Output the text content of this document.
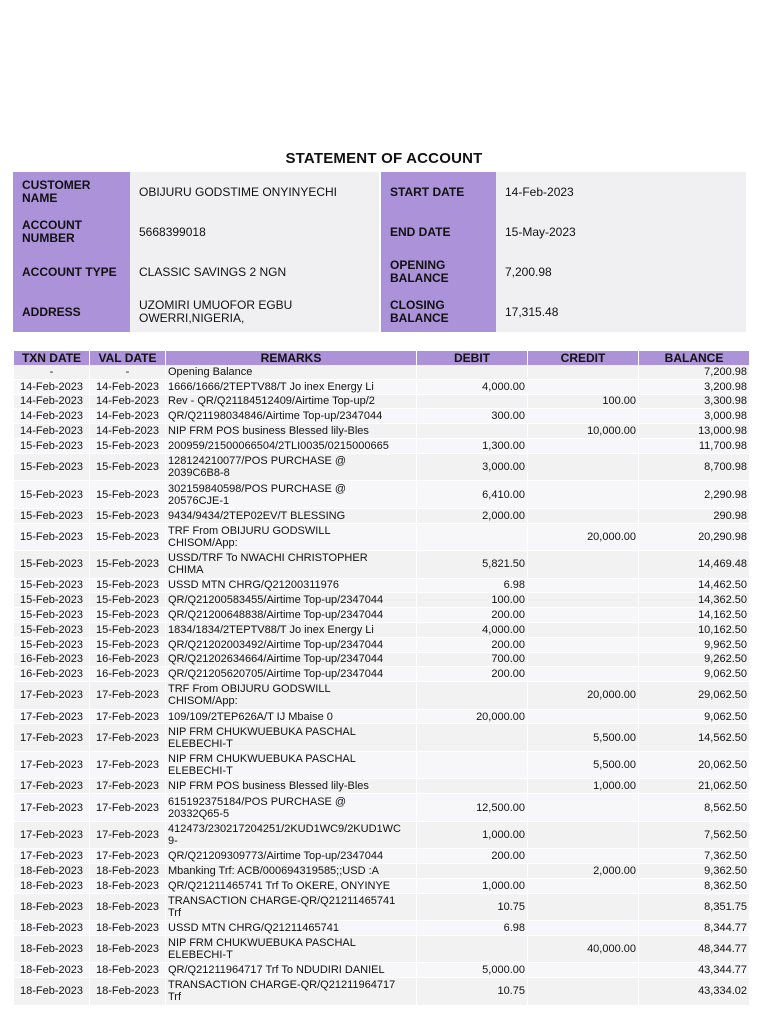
STATEMENT OF ACCOUNT
CUSTOMER NAME	OBIJURU GODSTIME ONYINYECHI		START DATE	14-Feb-2023
ACCOUNT NUMBER	5668399018		END DATE	15-May-2023
ACCOUNT TYPE	CLASSIC SAVINGS 2 NGN		OPENING BALANCE	7,200.98
ADDRESS	UZOMIRI UMUOFOR EGBU OWERRI,NIGERIA,		CLOSING BALANCE	17,315.48
TXN DATE	VAL DATE	REMARKS	DEBIT	CREDIT	BALANCE
-	-	Opening Balance			7,200.98
14-Feb-2023	14-Feb-2023	1666/1666/2TEPTV88/T Jo inex Energy Li	4,000.00		3,200.98
14-Feb-2023	14-Feb-2023	Rev - QR/Q21184512409/Airtime Top-up/2		100.00	3,300.98
14-Feb-2023	14-Feb-2023	QR/Q21198034846/Airtime Top-up/2347044	300.00		3,000.98
14-Feb-2023	14-Feb-2023	NIP FRM POS business Blessed lily-Bles		10,000.00	13,000.98
15-Feb-2023	15-Feb-2023	200959/21500066504/2TLI0035/0215000665	1,300.00		11,700.98
15-Feb-2023	15-Feb-2023	128124210077/POS PURCHASE @
2039C6B8-8	3,000.00		8,700.98
15-Feb-2023	15-Feb-2023	302159840598/POS PURCHASE @
20576CJE-1	6,410.00		2,290.98
15-Feb-2023	15-Feb-2023	9434/9434/2TEP02EV/T BLESSING	2,000.00		290.98
15-Feb-2023	15-Feb-2023	TRF From OBIJURU GODSWILL
CHISOM/App:		20,000.00	20,290.98
15-Feb-2023	15-Feb-2023	USSD/TRF To NWACHI CHRISTOPHER
CHIMA	5,821.50		14,469.48
15-Feb-2023	15-Feb-2023	USSD MTN CHRG/Q21200311976	6.98		14,462.50
15-Feb-2023	15-Feb-2023	QR/Q21200583455/Airtime Top-up/2347044	100.00		14,362.50
15-Feb-2023	15-Feb-2023	QR/Q21200648838/Airtime Top-up/2347044	200.00		14,162.50
15-Feb-2023	15-Feb-2023	1834/1834/2TEPTV88/T Jo inex Energy Li	4,000.00		10,162.50
15-Feb-2023	15-Feb-2023	QR/Q21202003492/Airtime Top-up/2347044	200.00		9,962.50
16-Feb-2023	16-Feb-2023	QR/Q21202634664/Airtime Top-up/2347044	700.00		9,262.50
16-Feb-2023	16-Feb-2023	QR/Q21205620705/Airtime Top-up/2347044	200.00		9,062.50
17-Feb-2023	17-Feb-2023	TRF From OBIJURU GODSWILL
CHISOM/App:		20,000.00	29,062.50
17-Feb-2023	17-Feb-2023	109/109/2TEP626A/T IJ Mbaise 0	20,000.00		9,062.50
17-Feb-2023	17-Feb-2023	NIP FRM CHUKWUEBUKA PASCHAL
ELEBECHI-T		5,500.00	14,562.50
17-Feb-2023	17-Feb-2023	NIP FRM CHUKWUEBUKA PASCHAL
ELEBECHI-T		5,500.00	20,062.50
17-Feb-2023	17-Feb-2023	NIP FRM POS business Blessed lily-Bles		1,000.00	21,062.50
17-Feb-2023	17-Feb-2023	615192375184/POS PURCHASE @
20332Q65-5	12,500.00		8,562.50
17-Feb-2023	17-Feb-2023	412473/230217204251/2KUD1WC9/2KUD1WC
9-	1,000.00		7,562.50
17-Feb-2023	17-Feb-2023	QR/Q21209309773/Airtime Top-up/2347044	200.00		7,362.50
18-Feb-2023	18-Feb-2023	Mbanking Trf: ACB/000694319585;;USD :A		2,000.00	9,362.50
18-Feb-2023	18-Feb-2023	QR/Q21211465741 Trf To OKERE, ONYINYE	1,000.00		8,362.50
18-Feb-2023	18-Feb-2023	TRANSACTION CHARGE-QR/Q21211465741
Trf	10.75		8,351.75
18-Feb-2023	18-Feb-2023	USSD MTN CHRG/Q21211465741	6.98		8,344.77
18-Feb-2023	18-Feb-2023	NIP FRM CHUKWUEBUKA PASCHAL
ELEBECHI-T		40,000.00	48,344.77
18-Feb-2023	18-Feb-2023	QR/Q21211964717 Trf To NDUDIRI DANIEL	5,000.00		43,344.77
18-Feb-2023	18-Feb-2023	TRANSACTION CHARGE-QR/Q21211964717
Trf	10.75		43,334.02
